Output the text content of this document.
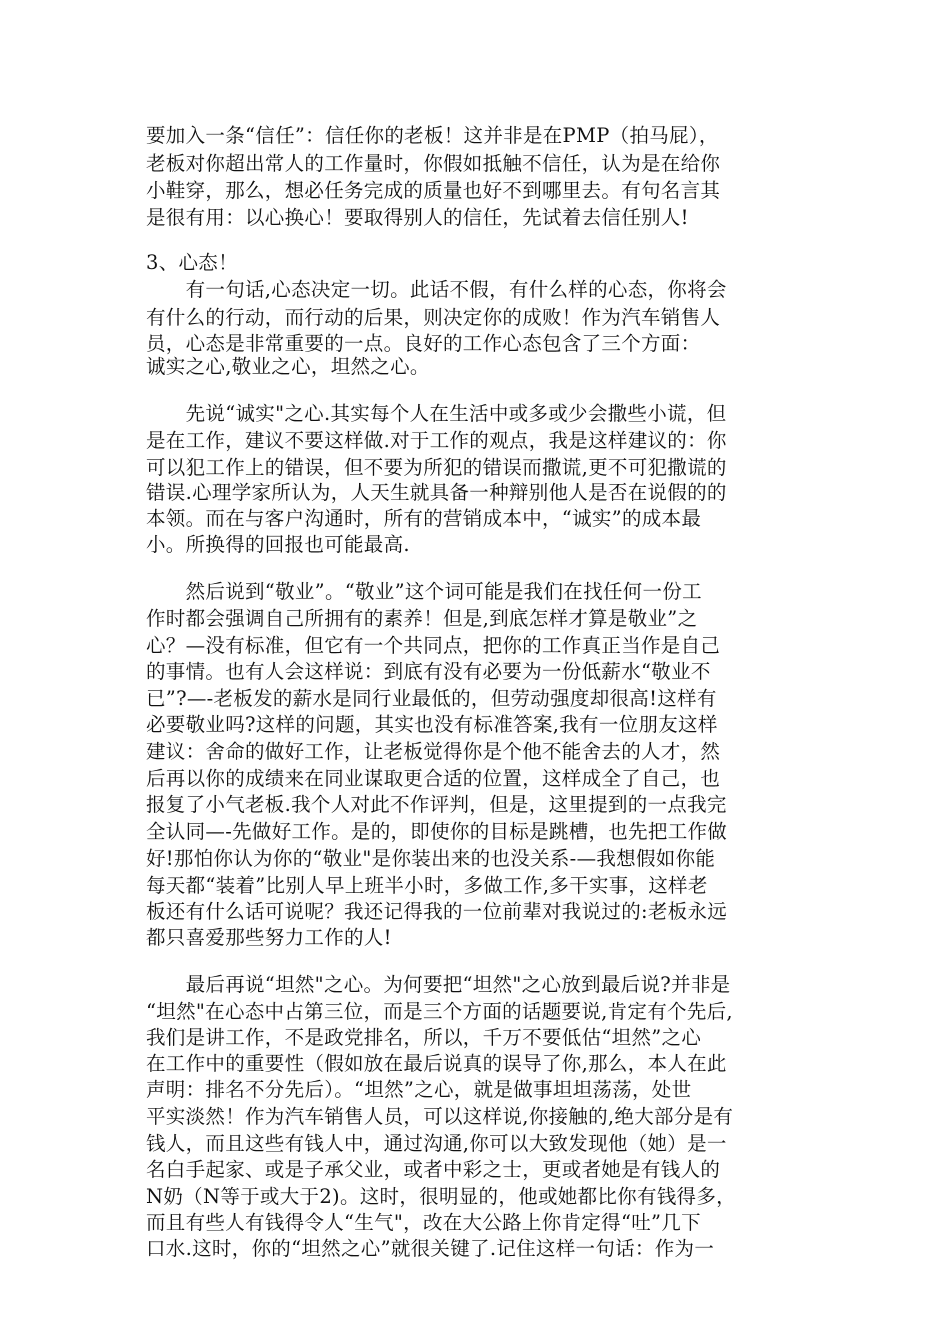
要加入一条“信任”：信任你的老板！这并非是在PMP（拍马屁），
老板对你超出常人的工作量时，你假如抵触不信任，认为是在给你
小鞋穿，那么，想必任务完成的质量也好不到哪里去。有句名言其
是很有用：以心换心！要取得别人的信任，先试着去信任别人!
3、心态！
　　有一句话,心态决定一切。此话不假，有什么样的心态，你将会
有什么的行动，而行动的后果，则决定你的成败！作为汽车销售人
员，心态是非常重要的一点。良好的工作心态包含了三个方面：
诚实之心,敬业之心，坦然之心。
　　先说“诚实"之心.其实每个人在生活中或多或少会撒些小谎，但
是在工作，建议不要这样做.对于工作的观点，我是这样建议的：你
可以犯工作上的错误，但不要为所犯的错误而撒谎,更不可犯撒谎的
错误.心理学家所认为，人天生就具备一种辩别他人是否在说假的的
本领。而在与客户沟通时，所有的营销成本中，“诚实”的成本最
小。所换得的回报也可能最高.
　　然后说到“敬业”。“敬业”这个词可能是我们在找任何一份工
作时都会强调自己所拥有的素养！但是,到底怎样才算是敬业”之
心？—没有标准，但它有一个共同点，把你的工作真正当作是自己
的事情。也有人会这样说：到底有没有必要为一份低薪水“敬业不
已”?—-老板发的薪水是同行业最低的，但劳动强度却很高!这样有
必要敬业吗?这样的问题，其实也没有标准答案,我有一位朋友这样
建议：舍命的做好工作，让老板觉得你是个他不能舍去的人才，然
后再以你的成绩来在同业谋取更合适的位置，这样成全了自己，也
报复了小气老板.我个人对此不作评判，但是，这里提到的一点我完
全认同—-先做好工作。是的，即使你的目标是跳槽，也先把工作做
好!那怕你认为你的“敬业"是你装出来的也没关系-—我想假如你能
每天都“装着”比别人早上班半小时，多做工作,多干实事，这样老
板还有什么话可说呢？我还记得我的一位前辈对我说过的:老板永远
都只喜爱那些努力工作的人!
　　最后再说“坦然"之心。为何要把“坦然"之心放到最后说?并非是
“坦然"在心态中占第三位，而是三个方面的话题要说,肯定有个先后,
我们是讲工作，不是政党排名，所以，千万不要低估“坦然”之心
在工作中的重要性（假如放在最后说真的误导了你,那么，本人在此
声明：排名不分先后）。“坦然”之心，就是做事坦坦荡荡，处世
平实淡然！作为汽车销售人员，可以这样说,你接触的,绝大部分是有
钱人，而且这些有钱人中，通过沟通,你可以大致发现他（她）是一
名白手起家、或是子承父业，或者中彩之士，更或者她是有钱人的
N奶（N等于或大于2)。这时，很明显的，他或她都比你有钱得多，
而且有些人有钱得令人“生气"，改在大公路上你肯定得“吐”几下
口水.这时，你的“坦然之心”就很关键了.记住这样一句话：作为一
